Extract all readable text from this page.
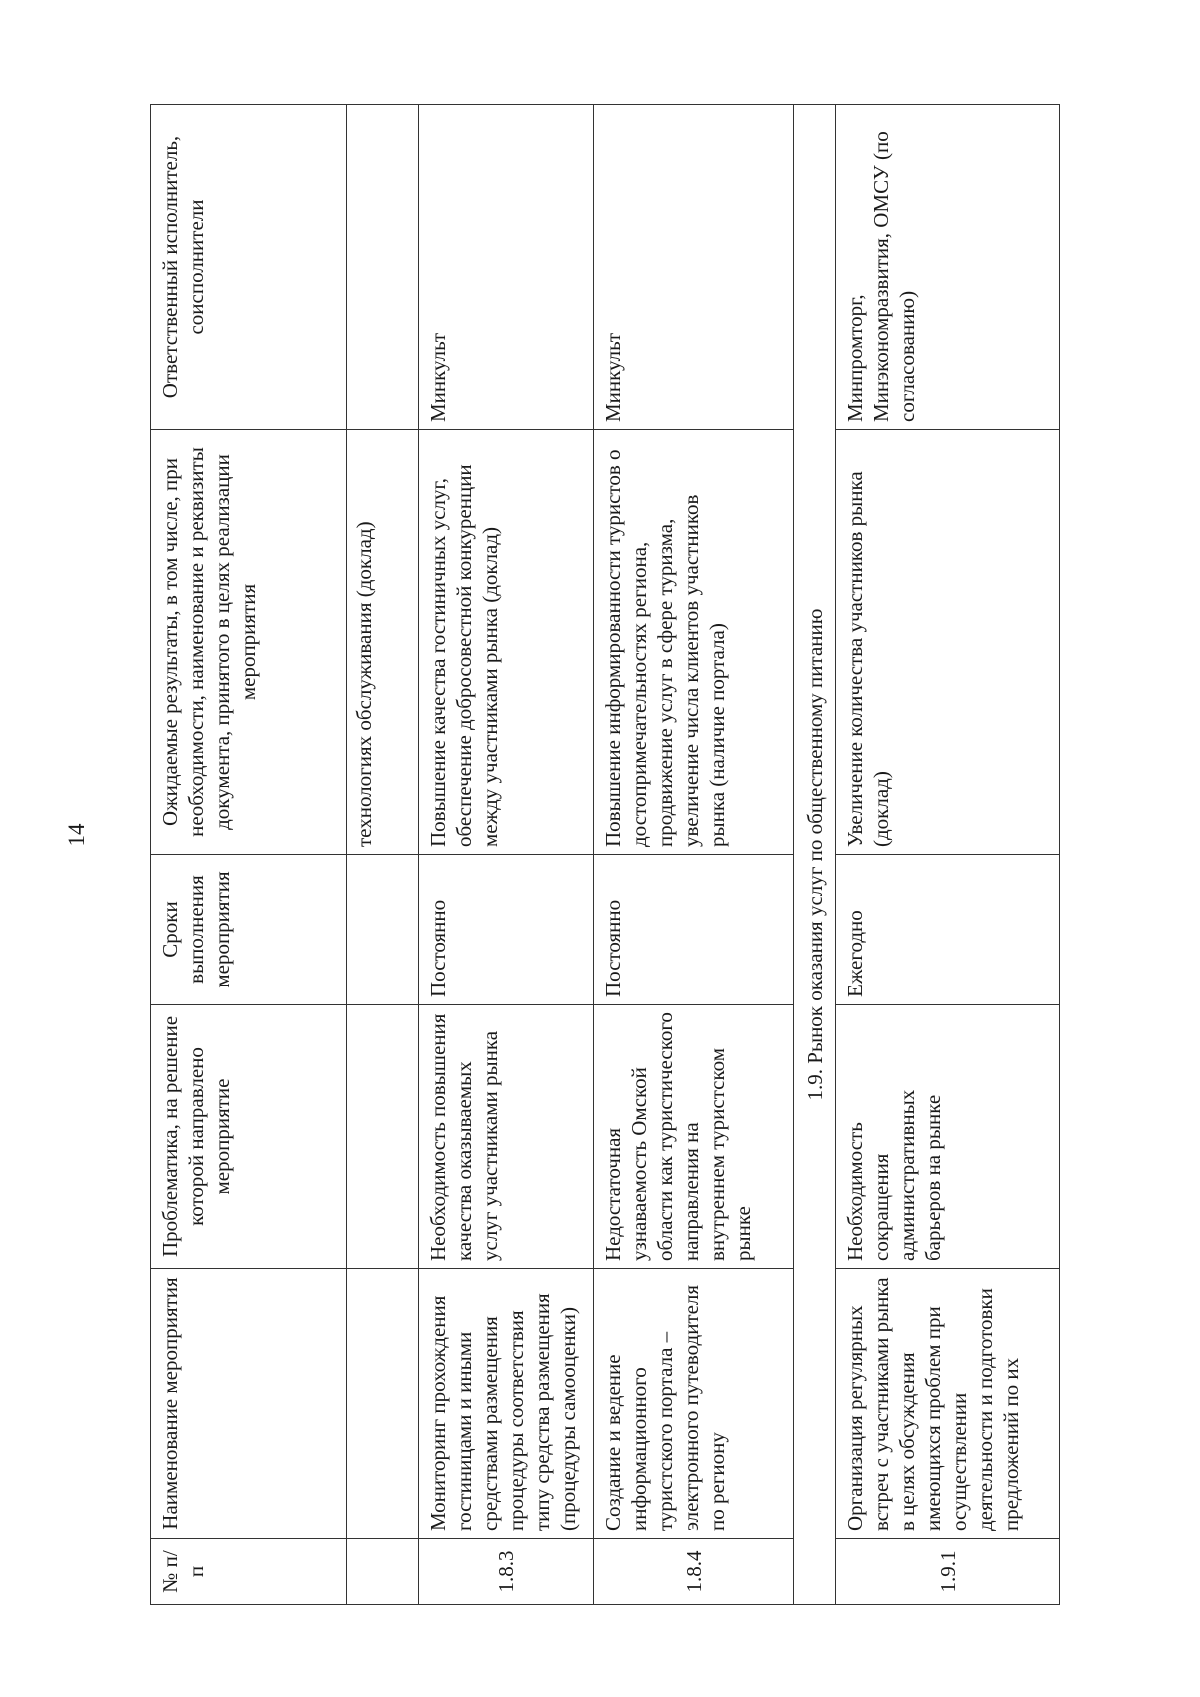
14
№ п/п	Наименование мероприятия	Проблематика, на решение которой направлено мероприятие	Сроки выполнения мероприятия	Ожидаемые результаты, в том числе, при необходимости, наименование и реквизиты документа, принятого в целях реализации мероприятия	Ответственный исполнитель, соисполнители
				технологиях обслуживания (доклад)	
1.8.3	Мониторинг прохождения гостиницами и иными средствами размещения процедуры соответствия типу средства размещения (процедуры самооценки)	Необходимость повышения качества оказываемых услуг участниками рынка	Постоянно	Повышение качества гостиничных услуг, обеспечение добросовестной конкуренции между участниками рынка (доклад)	Минкульт
1.8.4	Создание и ведение информационного туристского портала – электронного путеводителя по региону	Недостаточная узнаваемость Омской области как туристического направления на внутреннем туристском рынке	Постоянно	Повышение информированности туристов о достопримечательностях региона, продвижение услуг в сфере туризма, увеличение числа клиентов участников рынка (наличие портала)	Минкульт
1.9. Рынок оказания услуг по общественному питанию					
1.9.1	Организация регулярных встреч с участниками рынка в целях обсуждения имеющихся проблем при осуществлении деятельности и подготовки предложений по их	Необходимость сокращения административных барьеров на рынке	Ежегодно	Увеличение количества участников рынка (доклад)	Минпромторг, Минэкономразвития, ОМСУ (по согласованию)
